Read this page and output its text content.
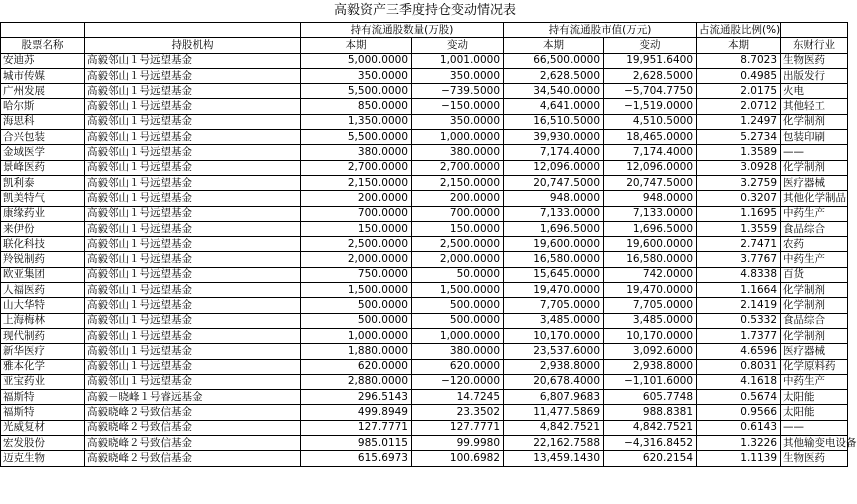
高毅资产三季度持仓变动情况表
		持有流通股数量(万股)		持有流通股市值(万元)		占流通股比例(%)	
股票名称	持股机构	本期	变动	本期	变动	本期	东财行业
安迪苏	高毅邻山１号远望基金	5,000.0000	1,001.0000	66,500.0000	19,951.6400	8.7023	生物医药
城市传媒	高毅邻山１号远望基金	350.0000	350.0000	2,628.5000	2,628.5000	0.4985	出版发行
广州发展	高毅邻山１号远望基金	5,500.0000	−739.5000	34,540.0000	−5,704.7750	2.0175	火电
哈尔斯	高毅邻山１号远望基金	850.0000	−150.0000	4,641.0000	−1,519.0000	2.0712	其他轻工
海思科	高毅邻山１号远望基金	1,350.0000	350.0000	16,510.5000	4,510.5000	1.2497	化学制剂
合兴包装	高毅邻山１号远望基金	5,500.0000	1,000.0000	39,930.0000	18,465.0000	5.2734	包装印刷
金域医学	高毅邻山１号远望基金	380.0000	380.0000	7,174.4000	7,174.4000	1.3589	——
景峰医药	高毅邻山１号远望基金	2,700.0000	2,700.0000	12,096.0000	12,096.0000	3.0928	化学制剂
凯利泰	高毅邻山１号远望基金	2,150.0000	2,150.0000	20,747.5000	20,747.5000	3.2759	医疗器械
凯美特气	高毅邻山１号远望基金	200.0000	200.0000	948.0000	948.0000	0.3207	其他化学制品
康缘药业	高毅邻山１号远望基金	700.0000	700.0000	7,133.0000	7,133.0000	1.1695	中药生产
来伊份	高毅邻山１号远望基金	150.0000	150.0000	1,696.5000	1,696.5000	1.3559	食品综合
联化科技	高毅邻山１号远望基金	2,500.0000	2,500.0000	19,600.0000	19,600.0000	2.7471	农药
羚锐制药	高毅邻山１号远望基金	2,000.0000	2,000.0000	16,580.0000	16,580.0000	3.7767	中药生产
欧亚集团	高毅邻山１号远望基金	750.0000	50.0000	15,645.0000	742.0000	4.8338	百货
人福医药	高毅邻山１号远望基金	1,500.0000	1,500.0000	19,470.0000	19,470.0000	1.1664	化学制剂
山大华特	高毅邻山１号远望基金	500.0000	500.0000	7,705.0000	7,705.0000	2.1419	化学制剂
上海梅林	高毅邻山１号远望基金	500.0000	500.0000	3,485.0000	3,485.0000	0.5332	食品综合
现代制药	高毅邻山１号远望基金	1,000.0000	1,000.0000	10,170.0000	10,170.0000	1.7377	化学制剂
新华医疗	高毅邻山１号远望基金	1,880.0000	380.0000	23,537.6000	3,092.6000	4.6596	医疗器械
雅本化学	高毅邻山１号远望基金	620.0000	620.0000	2,938.8000	2,938.8000	0.8031	化学原料药
亚宝药业	高毅邻山１号远望基金	2,880.0000	−120.0000	20,678.4000	−1,101.6000	4.1618	中药生产
福斯特	高毅－晓峰１号睿远基金	296.5143	14.7245	6,807.9683	605.7748	0.5674	太阳能
福斯特	高毅晓峰２号致信基金	499.8949	23.3502	11,477.5869	988.8381	0.9566	太阳能
光威复材	高毅晓峰２号致信基金	127.7771	127.7771	4,842.7521	4,842.7521	0.6143	——
宏发股份	高毅晓峰２号致信基金	985.0115	99.9980	22,162.7588	−4,316.8452	1.3226	其他输变电设备
迈克生物	高毅晓峰２号致信基金	615.6973	100.6982	13,459.1430	620.2154	1.1139	生物医药
